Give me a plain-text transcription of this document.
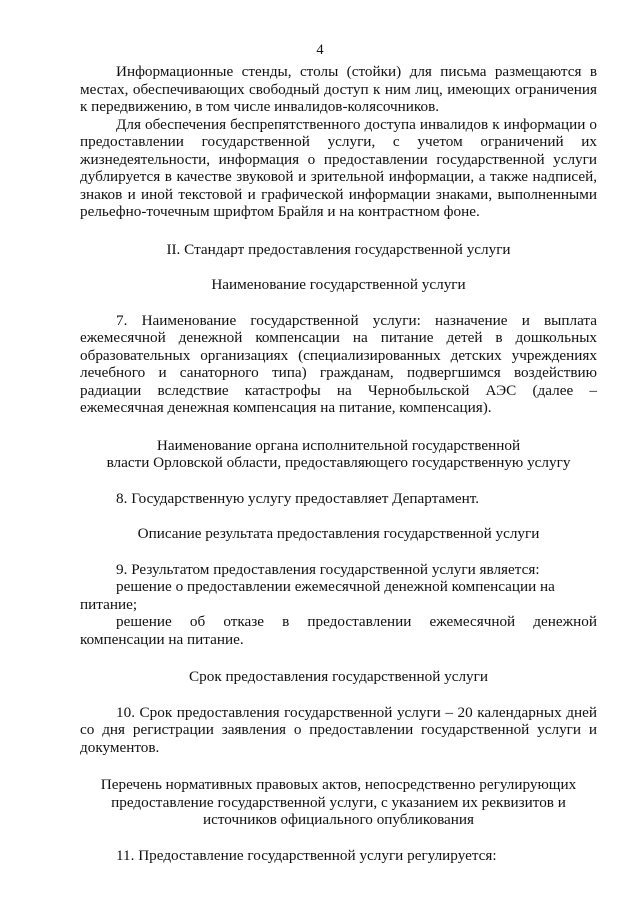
4

Информационные стенды, столы (стойки) для письма размещаются в местах, обеспечивающих свободный доступ к ним лиц, имеющих ограничения к передвижению, в том числе инвалидов-колясочников.

Для обеспечения беспрепятственного доступа инвалидов к информации о предоставлении государственной услуги, с учетом ограничений их жизнедеятельности, информация о предоставлении государственной услуги дублируется в качестве звуковой и зрительной информации, а также надписей, знаков и иной текстовой и графической информации знаками, выполненными рельефно-точечным шрифтом Брайля и на контрастном фоне.

II. Стандарт предоставления государственной услуги

Наименование государственной услуги

7. Наименование государственной услуги: назначение и выплата ежемесячной денежной компенсации на питание детей в дошкольных образовательных организациях (специализированных детских учреждениях лечебного и санаторного типа) гражданам, подвергшимся воздействию радиации вследствие катастрофы на Чернобыльской АЭС (далее – ежемесячная денежная компенсация на питание, компенсация).

Наименование органа исполнительной государственной
власти Орловской области, предоставляющего государственную услугу

8. Государственную услугу предоставляет Департамент.

Описание результата предоставления государственной услуги

9. Результатом предоставления государственной услуги является:

решение о предоставлении ежемесячной денежной компенсации на питание;

решение об отказе в предоставлении ежемесячной денежной компенсации на питание.

Срок предоставления государственной услуги

10. Срок предоставления государственной услуги – 20 календарных дней со дня регистрации заявления о предоставлении государственной услуги и документов.

Перечень нормативных правовых актов, непосредственно регулирующих
предоставление государственной услуги, с указанием их реквизитов и
источников официального опубликования

11. Предоставление государственной услуги регулируется:
